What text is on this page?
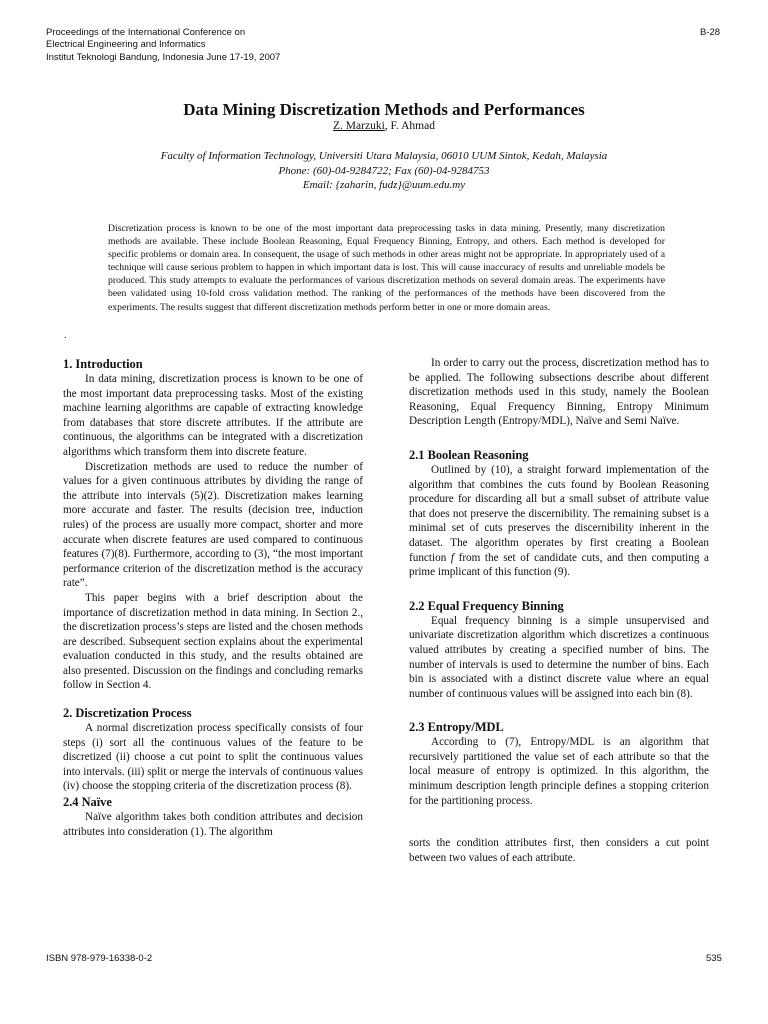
Proceedings of the International Conference on
Electrical Engineering and Informatics
Institut Teknologi Bandung, Indonesia June 17-19, 2007
B-28
Data Mining Discretization Methods and Performances
Z. Marzuki, F. Ahmad
Faculty of Information Technology, Universiti Utara Malaysia, 06010 UUM Sintok, Kedah, Malaysia
Phone: (60)-04-9284722; Fax (60)-04-9284753
Email: {zaharin, fudz}@uum.edu.my
Discretization process is known to be one of the most important data preprocessing tasks in data mining. Presently, many discretization methods are available. These include Boolean Reasoning, Equal Frequency Binning, Entropy, and others. Each method is developed for specific problems or domain area. In consequent, the usage of such methods in other areas might not be appropriate. In appropriately used of a technique will cause serious problem to happen in which important data is lost. This will cause inaccuracy of results and unreliable models be produced. This study attempts to evaluate the performances of various discretization methods on several domain areas. The experiments have been validated using 10-fold cross validation method. The ranking of the performances of the methods have been discovered from the experiments. The results suggest that different discretization methods perform better in one or more domain areas.
.
1. Introduction

In data mining, discretization process is known to be one of the most important data preprocessing tasks. Most of the existing machine learning algorithms are capable of extracting knowledge from databases that store discrete attributes. If the attribute are continuous, the algorithms can be integrated with a discretization algorithms which transform them into discrete feature.

Discretization methods are used to reduce the number of values for a given continuous attributes by dividing the range of the attribute into intervals (5)(2). Discretization makes learning more accurate and faster. The results (decision tree, induction rules) of the process are usually more compact, shorter and more accurate when discrete features are used compared to continuous features (7)(8). Furthermore, according to (3), “the most important performance criterion of the discretization method is the accuracy rate”.

This paper begins with a brief description about the importance of discretization method in data mining. In Section 2., the discretization process’s steps are listed and the chosen methods are described. Subsequent section explains about the experimental evaluation conducted in this study, and the results obtained are also presented. Discussion on the findings and concluding remarks follow in Section 4.

2. Discretization Process

A normal discretization process specifically consists of four steps (i) sort all the continuous values of the feature to be discretized (ii) choose a cut point to split the continuous values into intervals. (iii) split or merge the intervals of continuous values (iv) choose the stopping criteria of the discretization process (8).

2.4 Naïve

Naïve algorithm takes both condition attributes and decision attributes into consideration (1). The algorithm

In order to carry out the process, discretization method has to be applied. The following subsections describe about different discretization methods used in this study, namely the Boolean Reasoning, Equal Frequency Binning, Entropy Minimum Description Length (Entropy/MDL), Naïve and Semi Naïve.

2.1 Boolean Reasoning

Outlined by (10), a straight forward implementation of the algorithm that combines the cuts found by Boolean Reasoning procedure for discarding all but a small subset of attribute value that does not preserve the discernibility. The remaining subset is a minimal set of cuts preserves the discernibility inherent in the dataset. The algorithm operates by first creating a Boolean function f from the set of candidate cuts, and then computing a prime implicant of this function (9).

2.2 Equal Frequency Binning

Equal frequency binning is a simple unsupervised and univariate discretization algorithm which discretizes a continuous valued attributes by creating a specified number of bins. The number of intervals is used to determine the number of bins. Each bin is associated with a distinct discrete value where an equal number of continuous values will be assigned into each bin (8).

2.3 Entropy/MDL

According to (7), Entropy/MDL is an algorithm that recursively partitioned the value set of each attribute so that the local measure of entropy is optimized. In this algorithm, the minimum description length principle defines a stopping criterion for the partitioning process.

sorts the condition attributes first, then considers a cut point between two values of each attribute.

ISBN 978-979-16338-0-2	535
